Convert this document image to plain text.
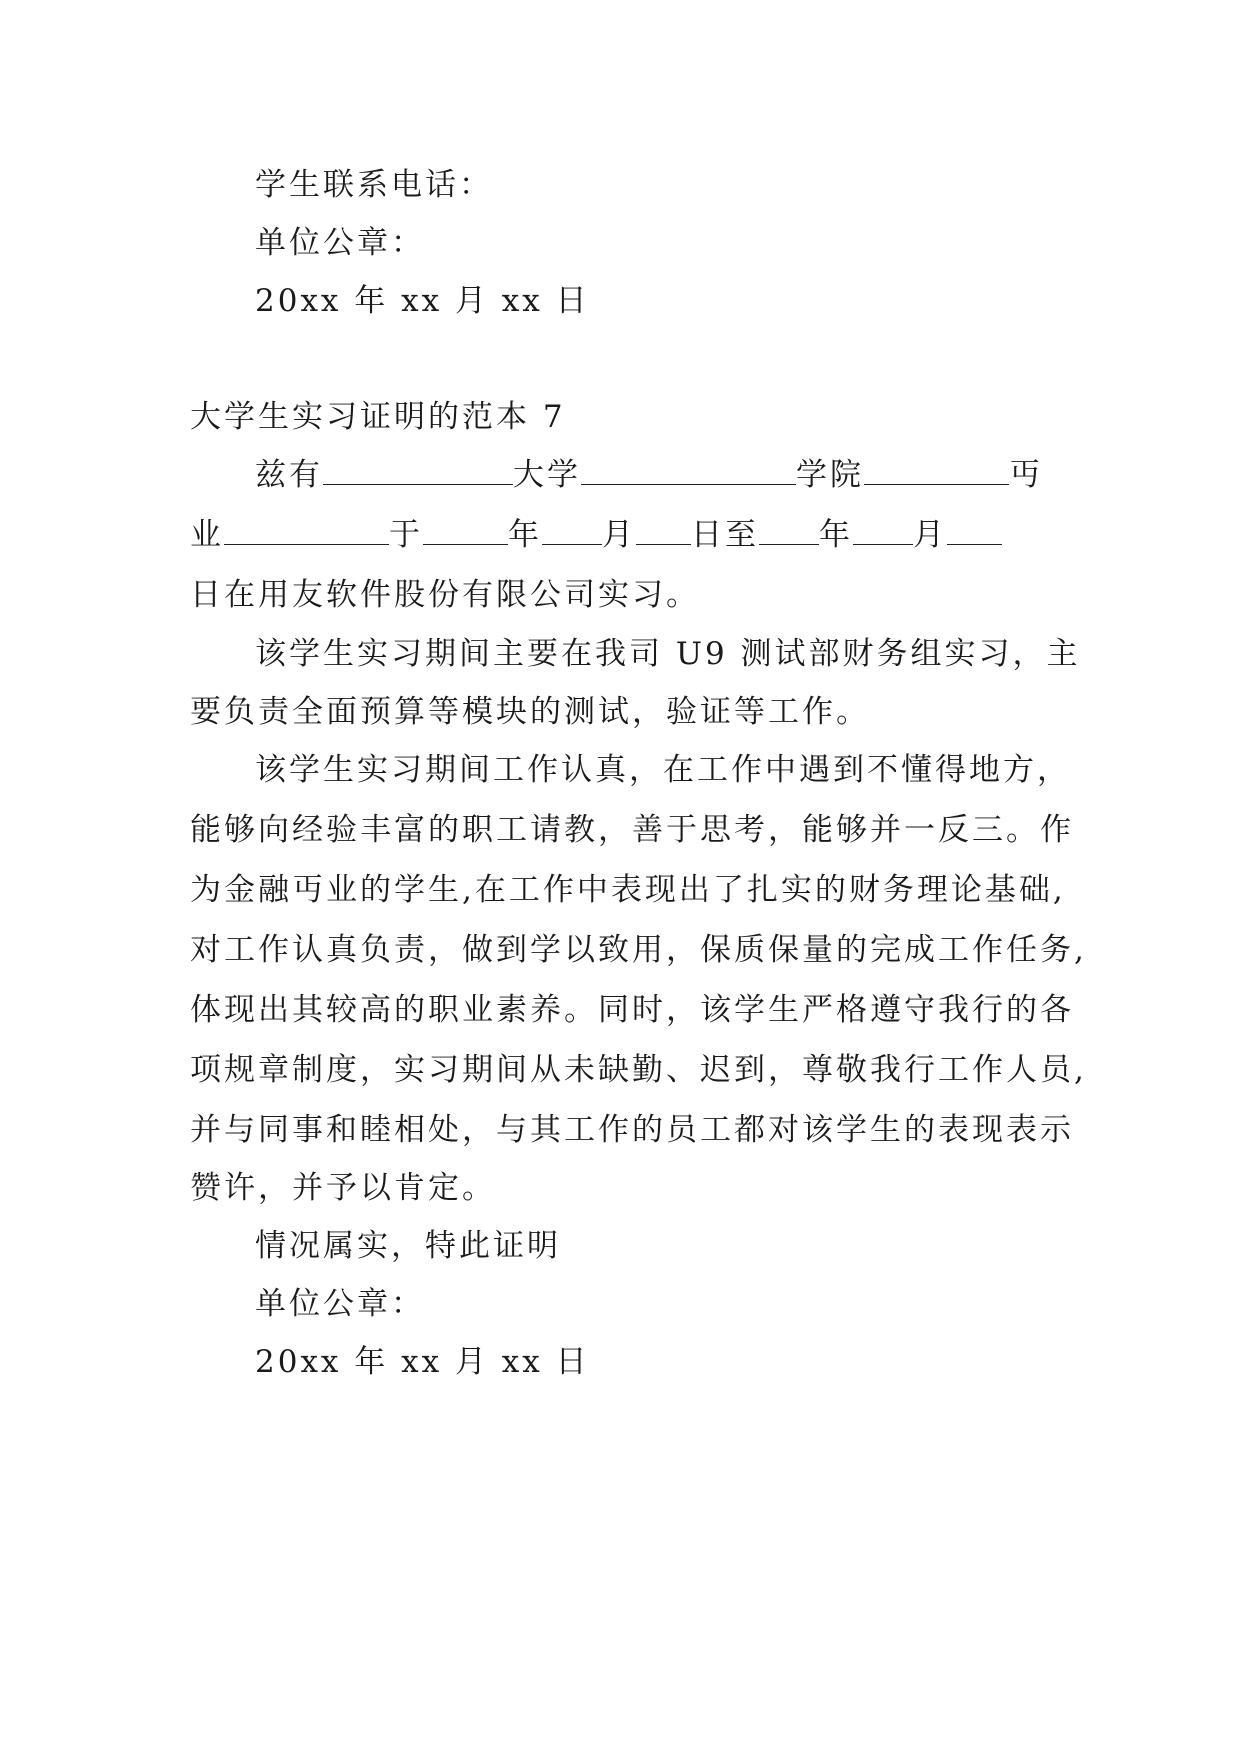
学生联系电话：
单位公章：
20xx 年 xx 月 xx 日
大学生实习证明的范本 7
兹有	大学	学院	丏
业	于	年 月 日至 年 月
日在用友软件股份有限公司实习。
该学生实习期间主要在我司 U9 测试部财务组实习，主
要负责全面预算等模块的测试，验证等工作。
该学生实习期间工作认真，在工作中遇到不懂得地方，
能够向经验丰富的职工请教，善于思考，能够并一反三。作
为金融丏业的学生,在工作中表现出了扎实的财务理论基础,
对工作认真负责，做到学以致用，保质保量的完成工作任务,
体现出其较高的职业素养。同时，该学生严格遵守我行的各
项规章制度，实习期间从未缺勤、迟到，尊敬我行工作人员,
并与同事和睦相处，与其工作的员工都对该学生的表现表示
赞许，并予以肯定。
情况属实，特此证明
单位公章：
20xx 年 xx 月 xx 日
